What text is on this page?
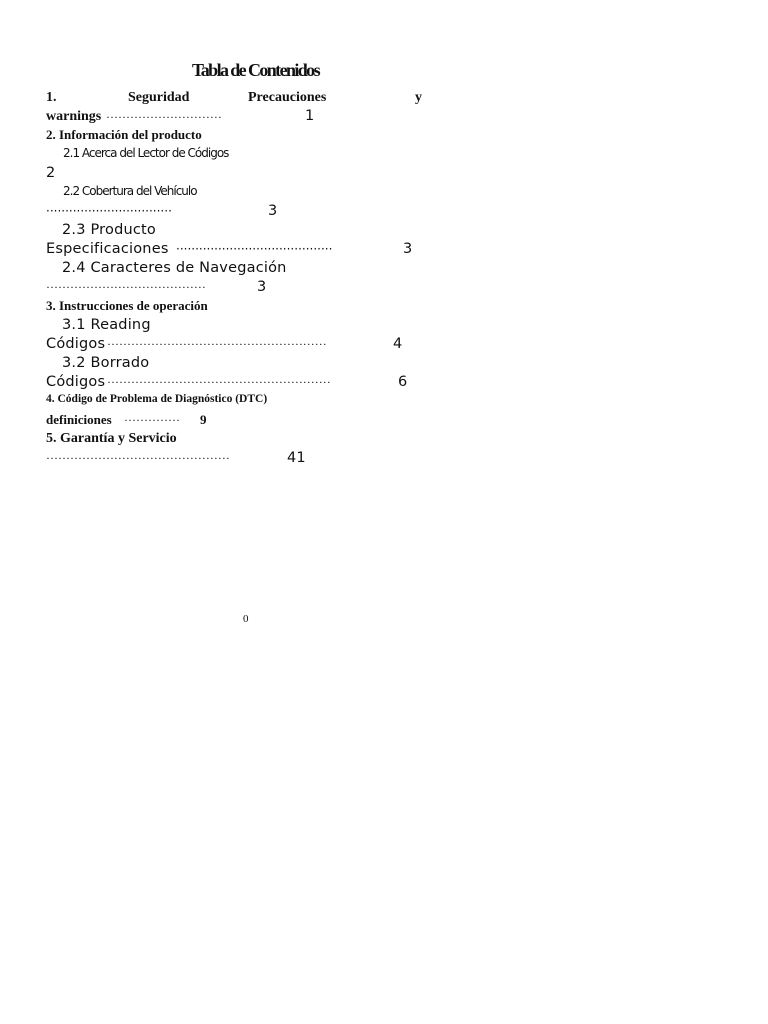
Tabla de Contenidos
1.	Seguridad	Precauciones	y
warnings ·····························	1
2. Información del producto
2.1 Acerca del Lector de Códigos
2
2.2 Cobertura del Vehículo
·································	3
2.3 Producto
Especificaciones ·········································	3
2.4 Caracteres de Navegación
········································	3
3. Instrucciones de operación
3.1 Reading
Códigos ·······················································	4
3.2 Borrado
Códigos ························································	6
4. Código de Problema de Diagnóstico (DTC)
definiciones ·············· 9
5. Garantía y Servicio
··············································	41
0
